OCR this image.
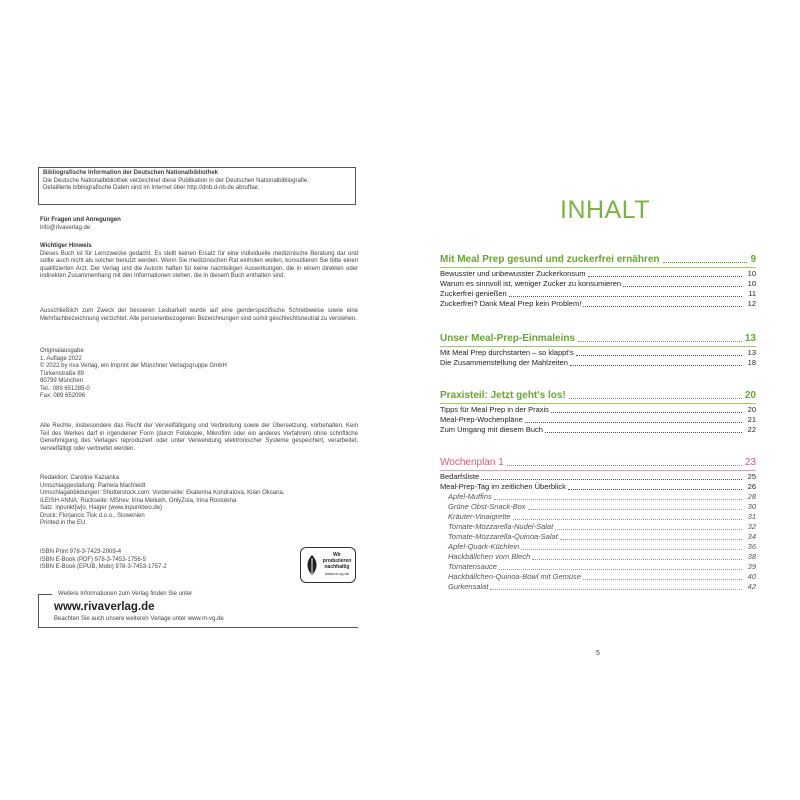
Bibliografische Information der Deutschen Nationalbibliothek
Die Deutsche Nationalbibliothek verzeichnet diese Publikation in der Deutschen Nationalbibliografie.
Detaillierte bibliografische Daten sind im Internet über http://dnb.d-nb.de abrufbar.
Für Fragen und Anregungen
info@rivaverlag.de
Wichtiger Hinweis

Dieses Buch ist für Lernzwecke gedacht. Es stellt keinen Ersatz für eine individuelle medizinische Beratung dar und sollte auch nicht als solcher benutzt werden. Wenn Sie medizinischen Rat einholen wollen, konsultieren Sie bitte einen qualifizierten Arzt. Der Verlag und die Autorin haften für keine nachteiligen Auswirkungen, die in einem direkten oder indirekten Zusammenhang mit den Informationen stehen, die in diesem Buch enthalten sind.

Ausschließlich zum Zweck der besseren Lesbarkeit wurde auf eine genderspezifische Schreibweise sowie eine Mehrfachbezeichnung verzichtet. Alle personenbezogenen Bezeichnungen sind somit geschlechtsneutral zu verstehen.

Originalausgabe
1. Auflage 2022
© 2022 by riva Verlag, ein Imprint der Münchner Verlagsgruppe GmbH
Türkenstraße 89
80799 München
Tel.: 089 651285-0
Fax: 089 652096

Alle Rechte, insbesondere das Recht der Vervielfältigung und Verbreitung sowie der Übersetzung, vorbehalten. Kein Teil des Werkes darf in irgendeiner Form (durch Fotokopie, Mikrofilm oder ein anderes Verfahren) ohne schriftliche Genehmigung des Verlages reproduziert oder unter Verwendung elektronischer Systeme gespeichert, verarbeitet, vervielfältigt oder verbreitet werden.

Redaktion: Caroline Kazianka
Umschlaggestaltung: Pamela Machleidt
Umschlagabbildungen: Shutterstock.com: Vorderseite: Ekaterina Kondratova, Kilan Oksana,
ILEISH ANNA; Rückseite: MShev, Irina Meliukh, OnlyZoia, Irina Rostokina
Satz: inpunkt[w]o, Haiger (www.inpunktwo.de)
Druck: Florjancic Tisk d.o.o., Slowenien
Printed in the EU
ISBN Print 978-3-7423-2009-4
ISBN E-Book (PDF) 978-3-7453-1756-5
ISBN E-Book (EPUB, Mobi) 978-3-7453-1757-2
Wir produzieren
nachhaltig
www.m-vg.de
Weitere Informationen zum Verlag finden Sie unter
www.rivaverlag.de
Beachten Sie auch unsere weiteren Verlage unter www.m-vg.de
INHALT
Mit Meal Prep gesund und zuckerfrei ernähren	9
Bewusster und unbewusster Zuckerkonsum	10
Warum es sinnvoll ist, weniger Zucker zu konsumieren	10
Zuckerfrei genießen	11
Zuckerfrei? Dank Meal Prep kein Problem!	12
Unser Meal-Prep-Einmaleins	13
Mit Meal Prep durchstarten – so klappt's	13
Die Zusammenstellung der Mahlzeiten	18
Praxisteil: Jetzt geht's los!	20
Tipps für Meal Prep in der Praxis	20
Meal-Prep-Wochenpläne	21
Zum Umgang mit diesem Buch	22
Wochenplan 1	23
Bedarfsliste	25
Meal-Prep-Tag im zeitlichen Überblick	26
Apfel-Muffins	28
Grüne Obst-Snack-Box	30
Kräuter-Vinaigrette	31
Tomate-Mozzarella-Nudel-Salat	32
Tomate-Mozzarella-Quinoa-Salat	34
Apfel-Quark-Küchlein	36
Hackbällchen vom Blech	38
Tomatensauce	39
Hackbällchen-Quinoa-Bowl mit Gemüse	40
Gurkensalat	42
5
